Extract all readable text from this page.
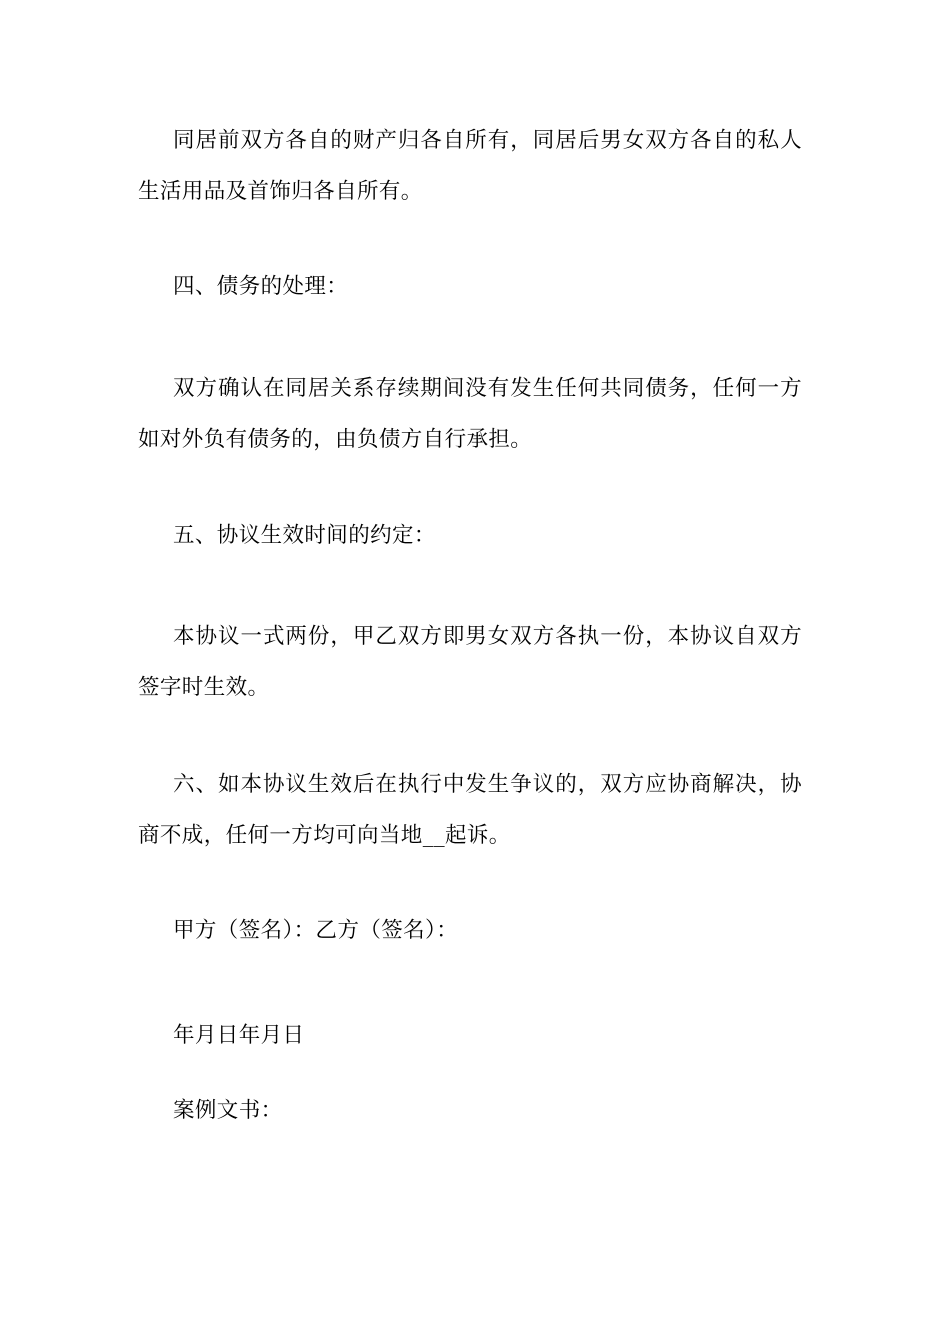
同居前双方各自的财产归各自所有，同居后男女双方各自的私人生活用品及首饰归各自所有。

四、债务的处理：

双方确认在同居关系存续期间没有发生任何共同债务，任何一方如对外负有债务的，由负债方自行承担。

五、协议生效时间的约定：

本协议一式两份，甲乙双方即男女双方各执一份，本协议自双方签字时生效。

六、如本协议生效后在执行中发生争议的，双方应协商解决，协商不成，任何一方均可向当地__起诉。

甲方（签名）：乙方（签名）：

年月日年月日

案例文书：
